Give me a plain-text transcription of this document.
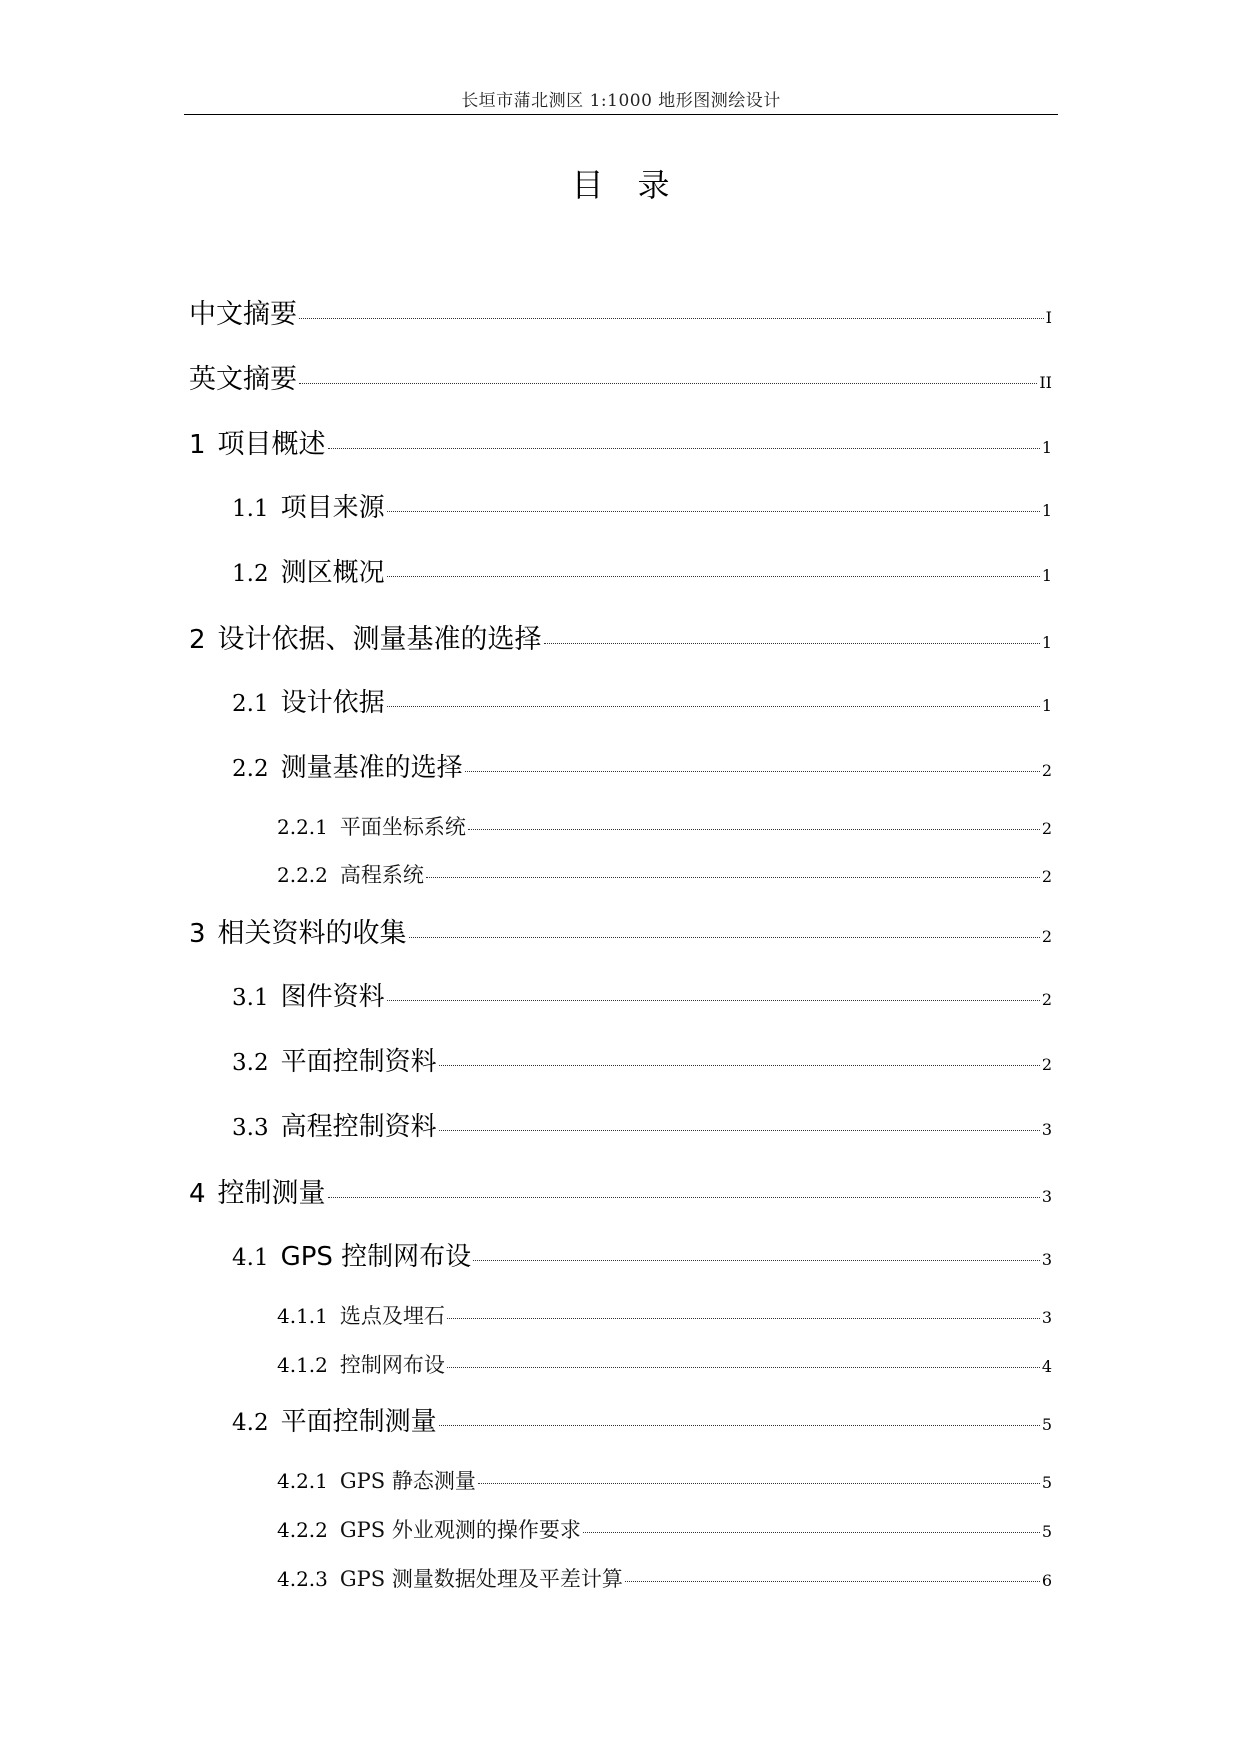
长垣市蒲北测区 1:1000 地形图测绘设计
目录
中文摘要	I
英文摘要	II
1 项目概述	1
1.1 项目来源	1
1.2 测区概况	1
2 设计依据、测量基准的选择	1
2.1 设计依据	1
2.2 测量基准的选择	2
2.2.1 平面坐标系统	2
2.2.2 高程系统	2
3 相关资料的收集	2
3.1 图件资料	2
3.2 平面控制资料	2
3.3 高程控制资料	3
4 控制测量	3
4.1 GPS 控制网布设	3
4.1.1 选点及埋石	3
4.1.2 控制网布设	4
4.2 平面控制测量	5
4.2.1 GPS 静态测量	5
4.2.2 GPS 外业观测的操作要求	5
4.2.3 GPS 测量数据处理及平差计算	6
